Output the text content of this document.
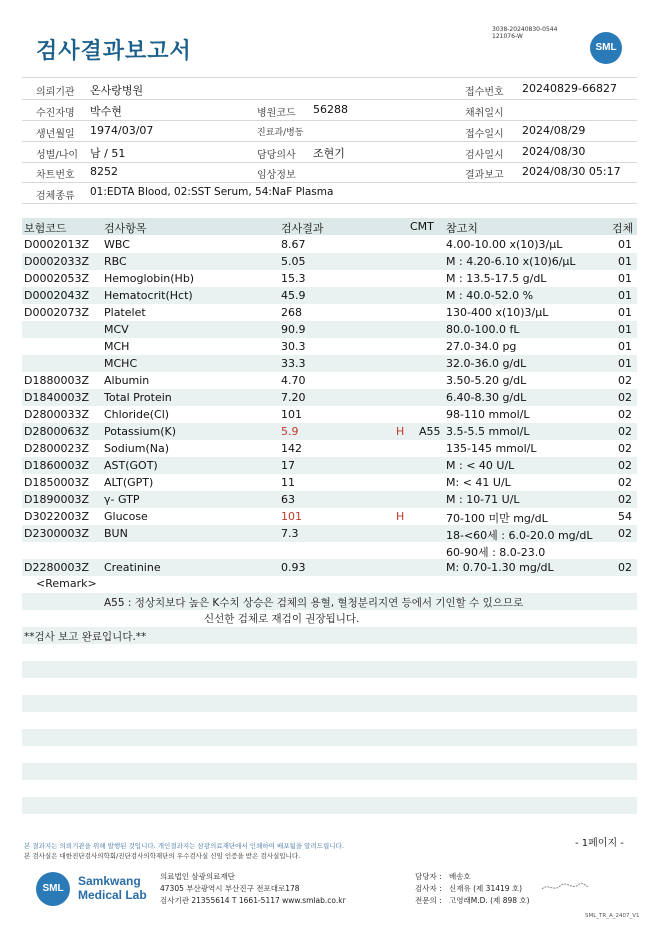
검사결과보고서
3038-20240830-0544
121076-W
SML
의뢰기관 온사랑병원	접수번호 20240829-66827
수진자명 박수현	병원코드 56288	채취일시
생년월일 1974/03/07	진료과/병동	접수일시 2024/08/29
성별/나이 남 / 51	담당의사 조현기	검사일시 2024/08/30
차트번호 8252	임상정보	결과보고 2024/08/30 05:17
검체종류 01:EDTA Blood, 02:SST Serum, 54:NaF Plasma
보험코드	검사항목	검사결과	CMT 참고치	검체
<Remark>
A55 : 정상치보다 높은 K수치 상승은 검체의 용혈, 혈청분리지연 등에서 기인할 수 있으므로
신선한 검체로 재검이 권장됩니다.
**검사 보고 완료입니다.**
본 결과지는 의뢰기관을 위해 발행된 것입니다. 개인결과지는 삼광의료재단에서 인쇄하여 배포됨을 알려드립니다.
본 검사실은 대한진단검사의학회/진단검사의학재단의 우수검사실 신임 인증을 받은 검사실입니다.
- 1페이지 -
SML
Samkwang
Medical Lab
의료법인 삼광의료재단
47305 부산광역시 부산진구 전포대로178
검사기관 21355614 T 1661-5117 www.smlab.co.kr
담당자 : 배송호
검사자 : 신재유 (제 31419 호)
전문의 : 고영래M.D. (제 898 호)
SML_TR_A_2407_V1
D0002013Z WBC	8.67	4.00-10.00 x(10)3/μL	01
D0002033Z RBC	5.05	M : 4.20-6.10 x(10)6/μL	01
D0002053Z Hemoglobin(Hb)	15.3	M : 13.5-17.5 g/dL	01
D0002043Z Hematocrit(Hct)	45.9	M : 40.0-52.0 %	01
D0002073Z Platelet	268	130-400 x(10)3/μL	01
MCV	90.9	80.0-100.0 fL	01
MCH	30.3	27.0-34.0 pg	01
MCHC	33.3	32.0-36.0 g/dL	01
D1880003Z Albumin	4.70	3.50-5.20 g/dL	02
D1840003Z Total Protein	7.20	6.40-8.30 g/dL	02
D2800033Z Chloride(Cl)	101	98-110 mmol/L	02
D2800063Z Potassium(K)	5.9	H A55 3.5-5.5 mmol/L	02
D2800023Z Sodium(Na)	142	135-145 mmol/L	02
D1860003Z AST(GOT)	17	M : < 40 U/L	02
D1850003Z ALT(GPT)	11	M: < 41 U/L	02
D1890003Z γ- GTP	63	M : 10-71 U/L	02
D3022003Z Glucose	101	H	70-100 미만 mg/dL	54
D2300003Z BUN	7.3	18-<60세 : 6.0-20.0 mg/dL 02
60-90세 : 8.0-23.0
D2280003Z Creatinine	0.93	M: 0.70-1.30 mg/dL	02
